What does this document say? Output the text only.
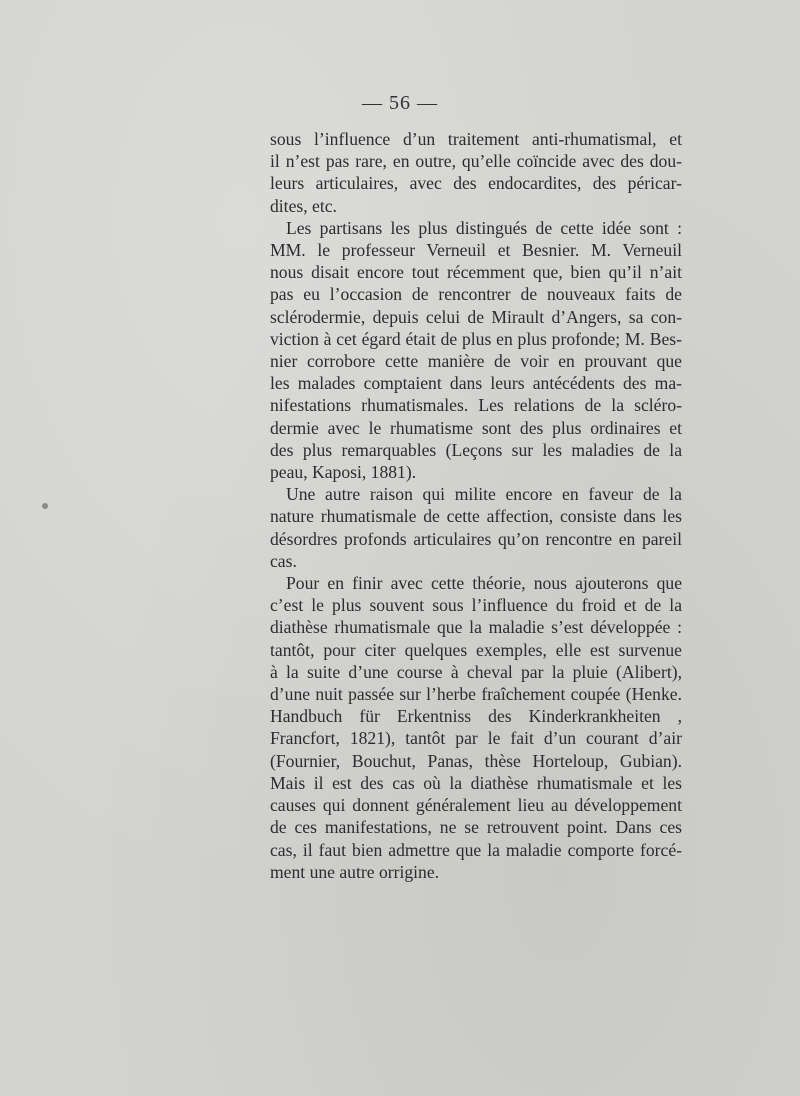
— 56 —
sous l’influence d’un traitement anti-rhumatismal, et
il n’est pas rare, en outre, qu’elle coïncide avec des dou-
leurs articulaires, avec des endocardites, des péricar-
dites, etc.
Les partisans les plus distingués de cette idée sont :
MM. le professeur Verneuil et Besnier. M. Verneuil
nous disait encore tout récemment que, bien qu’il n’ait
pas eu l’occasion de rencontrer de nouveaux faits de
sclérodermie, depuis celui de Mirault d’Angers, sa con-
viction à cet égard était de plus en plus profonde; M. Bes-
nier corrobore cette manière de voir en prouvant que
les malades comptaient dans leurs antécédents des ma-
nifestations rhumatismales. Les relations de la scléro-
dermie avec le rhumatisme sont des plus ordinaires et
des plus remarquables (Leçons sur les maladies de la
peau, Kaposi, 1881).
Une autre raison qui milite encore en faveur de la
nature rhumatismale de cette affection, consiste dans les
désordres profonds articulaires qu’on rencontre en pareil
cas.
Pour en finir avec cette théorie, nous ajouterons que
c’est le plus souvent sous l’influence du froid et de la
diathèse rhumatismale que la maladie s’est développée :
tantôt, pour citer quelques exemples, elle est survenue
à la suite d’une course à cheval par la pluie (Alibert),
d’une nuit passée sur l’herbe fraîchement coupée (Henke.
Handbuch für Erkentniss des Kinderkrankheiten ,
Francfort, 1821), tantôt par le fait d’un courant d’air
(Fournier, Bouchut, Panas, thèse Horteloup, Gubian).
Mais il est des cas où la diathèse rhumatismale et les
causes qui donnent généralement lieu au développement
de ces manifestations, ne se retrouvent point. Dans ces
cas, il faut bien admettre que la maladie comporte forcé-
ment une autre orrigine.
